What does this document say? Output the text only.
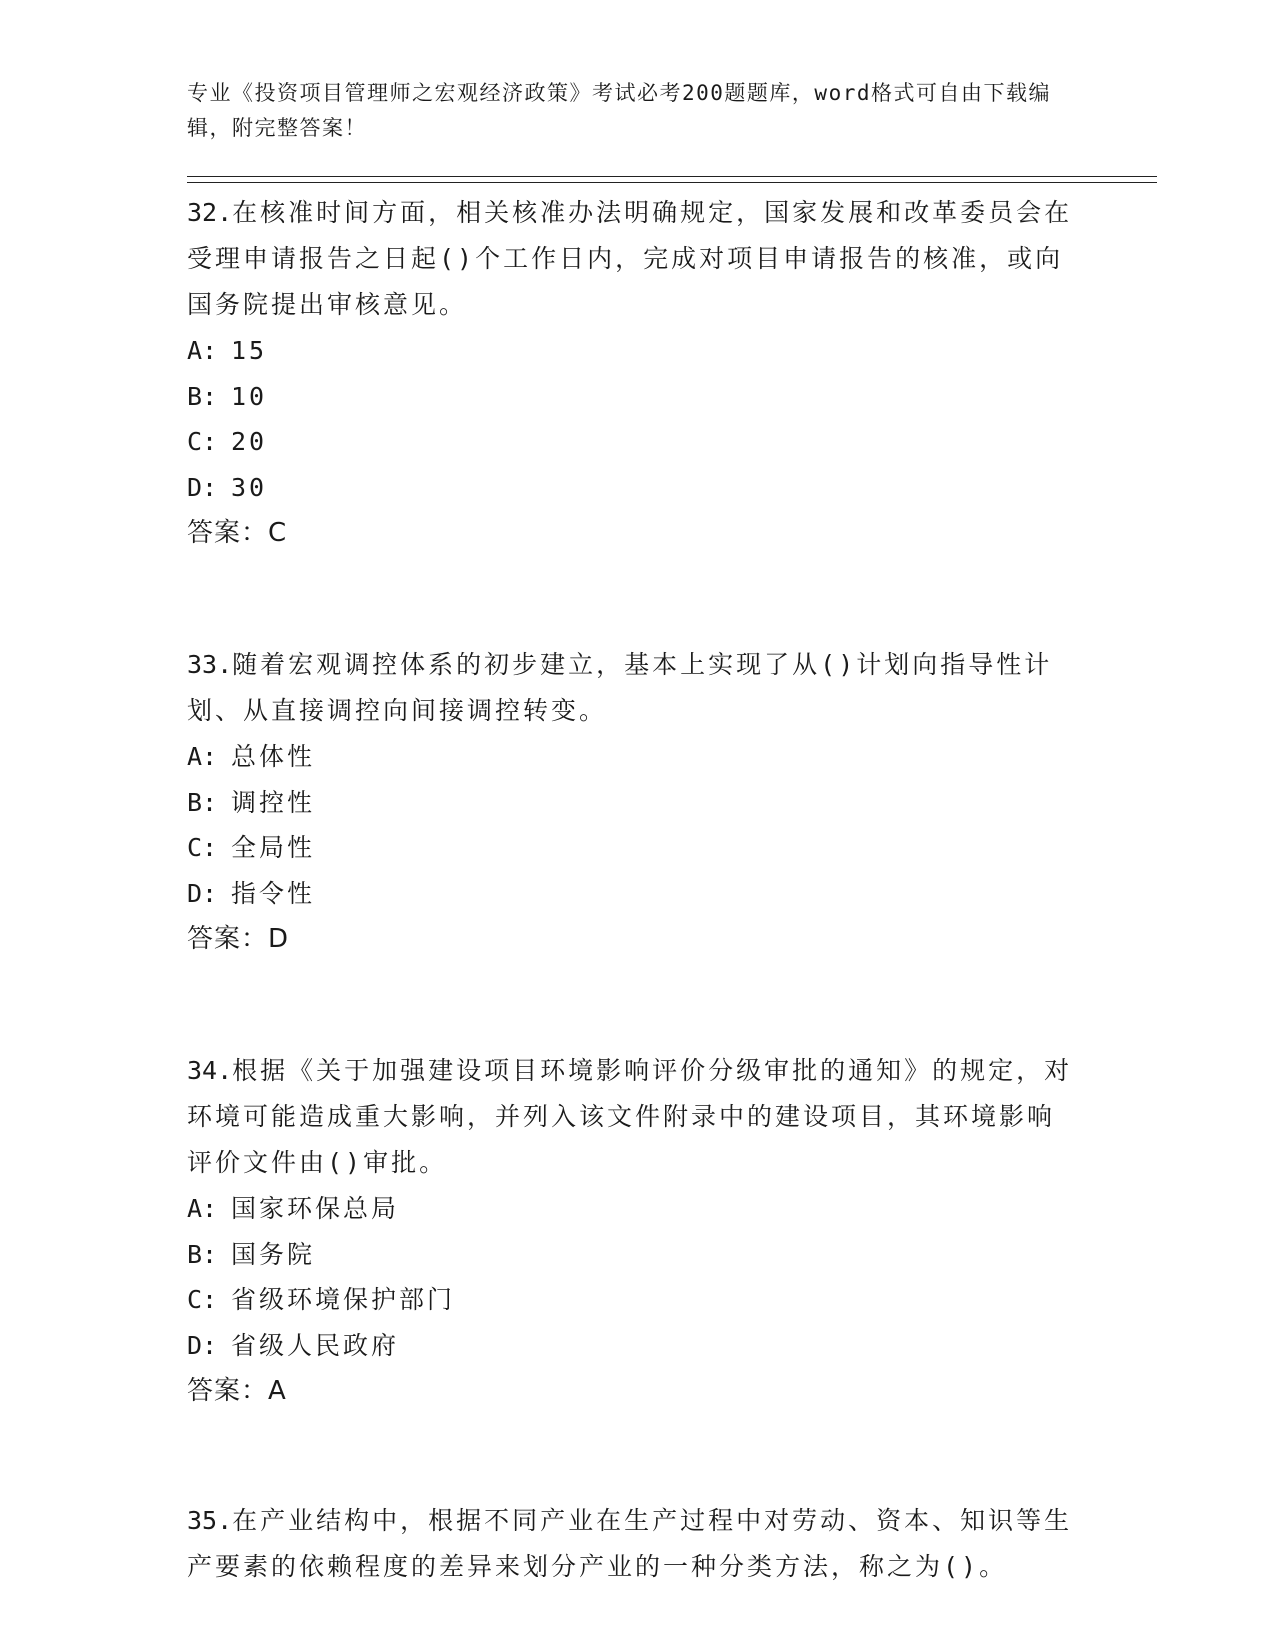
专业《投资项目管理师之宏观经济政策》考试必考200题题库，word格式可自由下载编辑，附完整答案！

32.在核准时间方面，相关核准办法明确规定，国家发展和改革委员会在受理申请报告之日起()个工作日内，完成对项目申请报告的核准，或向国务院提出审核意见。

A: 15

B: 10

C: 20

D: 30

答案：C

33.随着宏观调控体系的初步建立，基本上实现了从()计划向指导性计划、从直接调控向间接调控转变。

A: 总体性

B: 调控性

C: 全局性

D: 指令性

答案：D

34.根据《关于加强建设项目环境影响评价分级审批的通知》的规定，对环境可能造成重大影响，并列入该文件附录中的建设项目，其环境影响评价文件由()审批。

A: 国家环保总局

B: 国务院

C: 省级环境保护部门

D: 省级人民政府

答案：A

35.在产业结构中，根据不同产业在生产过程中对劳动、资本、知识等生产要素的依赖程度的差异来划分产业的一种分类方法，称之为()。
